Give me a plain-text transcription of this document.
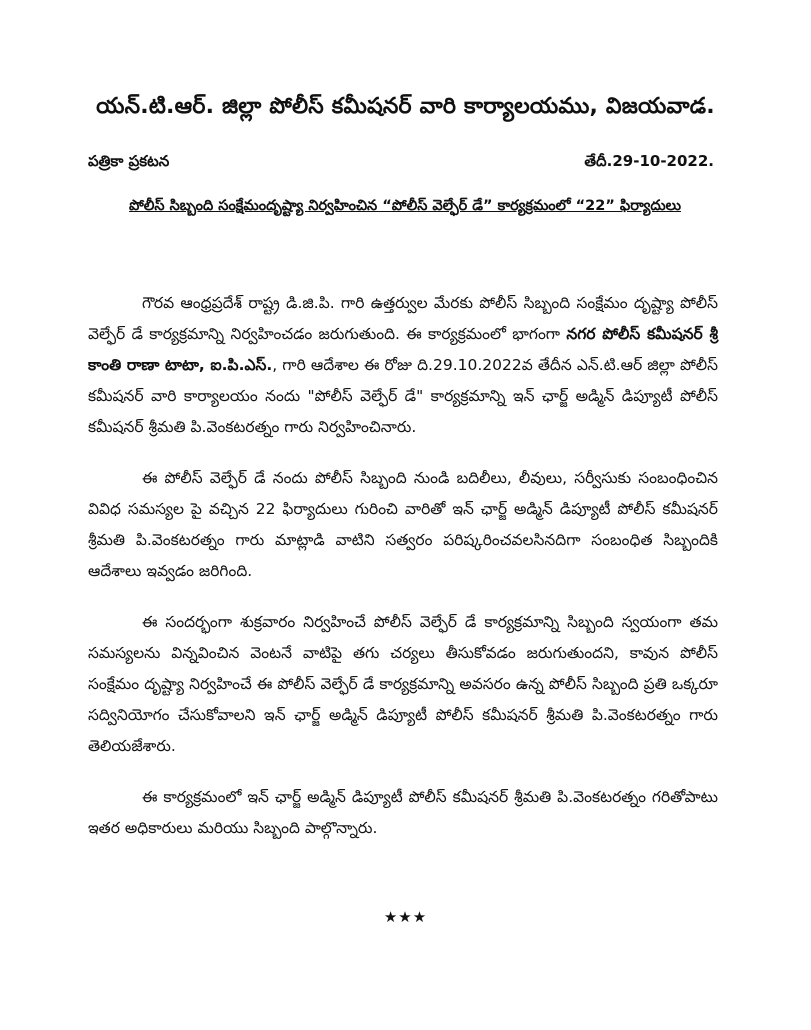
యన్.టి.ఆర్. జిల్లా పోలీస్ కమీషనర్ వారి కార్యాలయము, విజయవాడ.
పత్రికా ప్రకటన	తేదీ.29-10-2022.
పోలీస్ సిబ్బంది సంక్షేమందృష్ట్యా నిర్వహించిన “పోలీస్ వెల్ఫేర్ డే” కార్యక్రమంలో “22” ఫిర్యాదులు

గౌరవ ఆంధ్రప్రదేశ్ రాష్ట్ర డి.జి.పి. గారి ఉత్తర్వుల మేరకు పోలీస్ సిబ్బంది సంక్షేమం దృష్ట్యా పోలీస్ వెల్ఫేర్ డే కార్యక్రమాన్ని నిర్వహించడం జరుగుతుంది. ఈ కార్యక్రమంలో భాగంగా నగర పోలీస్ కమీషనర్ శ్రీ కాంతి రాణా టాటా, ఐ.పి.ఎస్., గారి ఆదేశాల ఈ రోజు ది.29.10.2022వ తేదీన ఎన్.టి.ఆర్ జిల్లా పోలీస్ కమీషనర్ వారి కార్యాలయం నందు "పోలీస్ వెల్ఫేర్ డే" కార్యక్రమాన్ని ఇన్ ఛార్జ్ అడ్మిన్ డిప్యూటీ పోలీస్ కమీషనర్ శ్రీమతి పి.వెంకటరత్నం గారు నిర్వహించినారు.

ఈ పోలీస్ వెల్ఫేర్ డే నందు పోలీస్ సిబ్బంది నుండి బదిలీలు, లీవులు, సర్వీసుకు సంబంధించిన వివిధ సమస్యల పై వచ్చిన 22 ఫిర్యాదులు గురించి వారితో ఇన్ ఛార్జ్ అడ్మిన్ డిప్యూటీ పోలీస్ కమీషనర్ శ్రీమతి పి.వెంకటరత్నం గారు మాట్లాడి వాటిని సత్వరం పరిష్కరించవలసినదిగా సంబంధిత సిబ్బందికి ఆదేశాలు ఇవ్వడం జరిగింది.

ఈ సందర్భంగా శుక్రవారం నిర్వహించే పోలీస్ వెల్ఫేర్ డే కార్యక్రమాన్ని సిబ్బంది స్వయంగా తమ సమస్యలను విన్నవించిన వెంటనే వాటిపై తగు చర్యలు తీసుకోవడం జరుగుతుందని, కావున పోలీస్ సంక్షేమం దృష్ట్యా నిర్వహించే ఈ పోలీస్ వెల్ఫేర్ డే కార్యక్రమాన్ని అవసరం ఉన్న పోలీస్ సిబ్బంది ప్రతి ఒక్కరూ సద్వినియోగం చేసుకోవాలని ఇన్ ఛార్జ్ అడ్మిన్ డిప్యూటీ పోలీస్ కమీషనర్ శ్రీమతి పి.వెంకటరత్నం గారు తెలియజేశారు.

ఈ కార్యక్రమంలో ఇన్ ఛార్జ్ అడ్మిన్ డిప్యూటీ పోలీస్ కమీషనర్ శ్రీమతి పి.వెంకటరత్నం గరితోపాటు ఇతర అధికారులు మరియు సిబ్బంది పాల్గొన్నారు.

★★★
